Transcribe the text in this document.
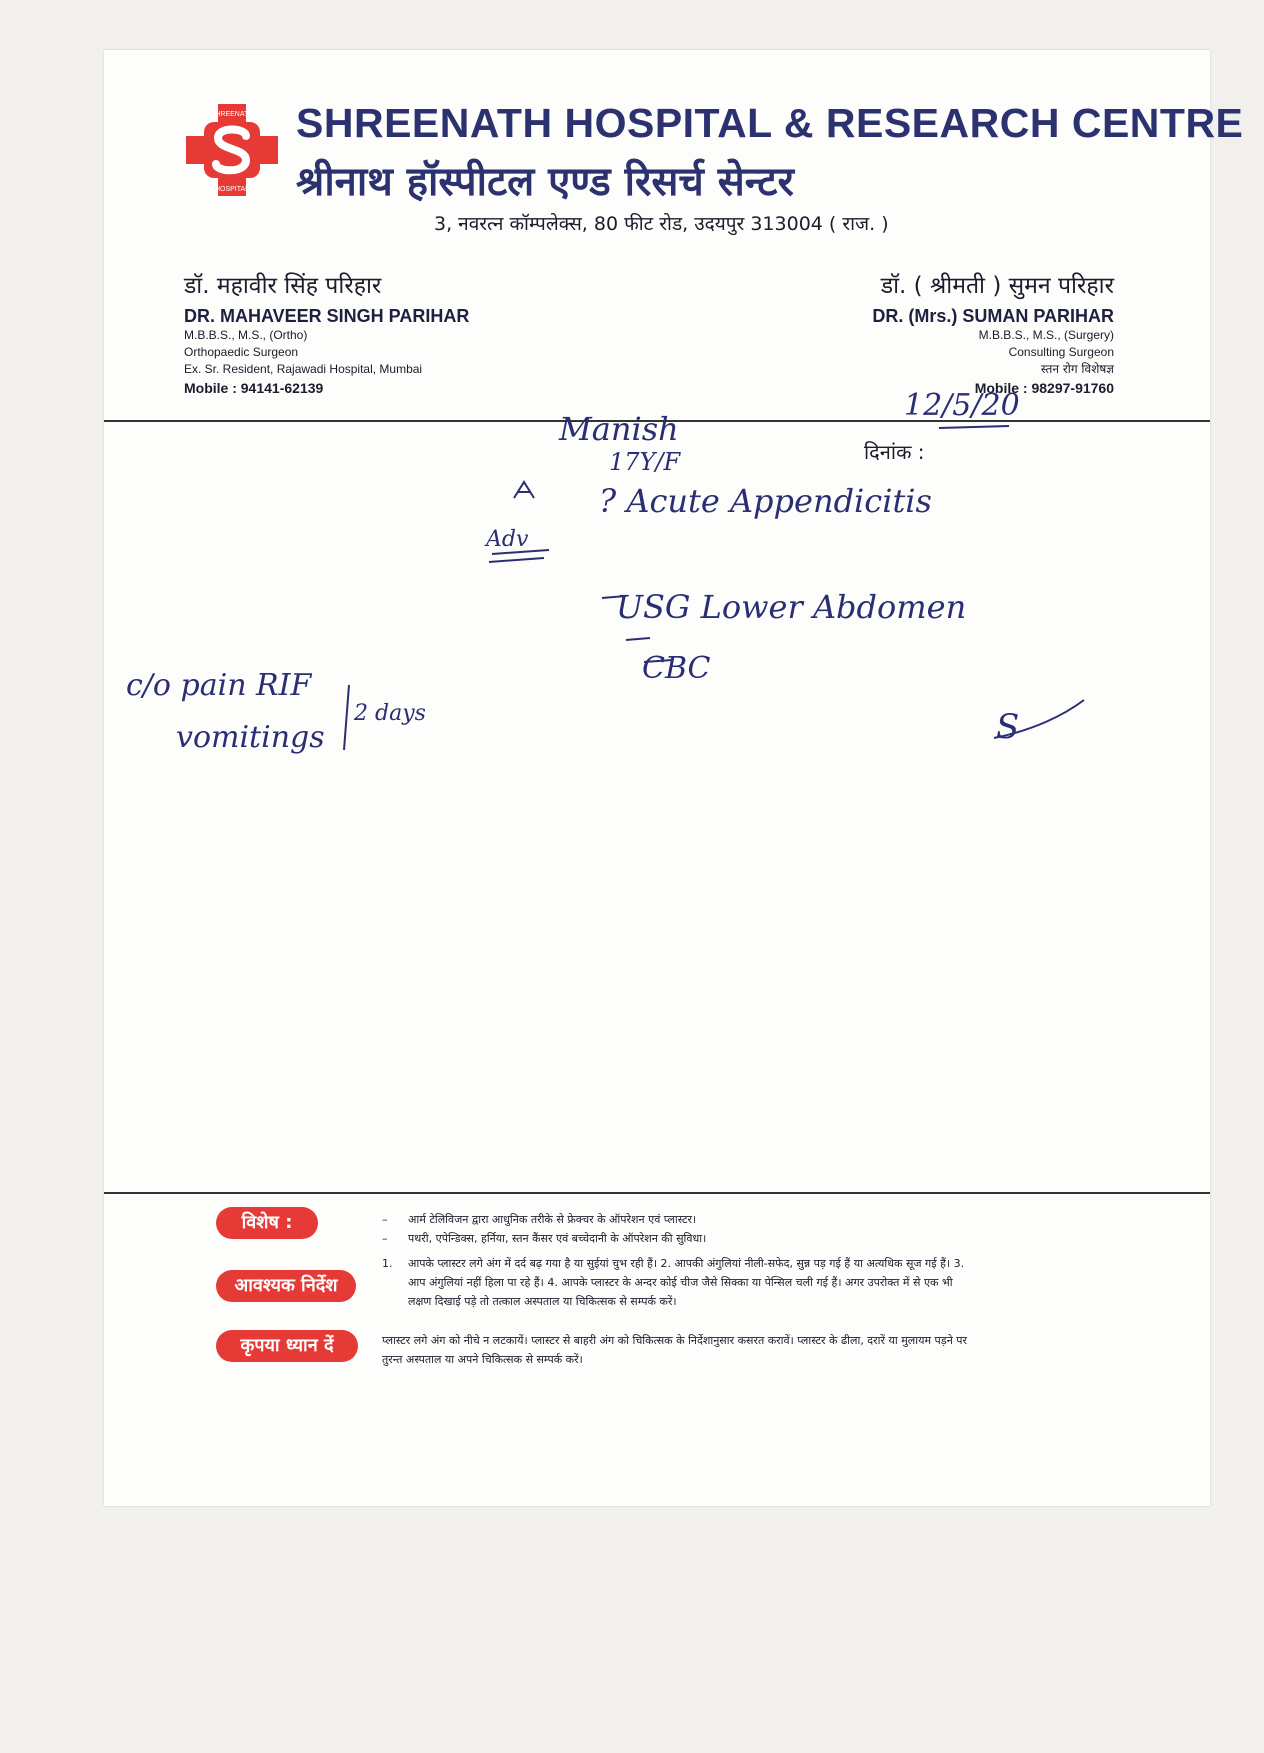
SHREENATH
HOSPITAL
SHREENATH HOSPITAL & RESEARCH CENTRE
श्रीनाथ हॉस्पीटल एण्ड रिसर्च सेन्टर
3, नवरत्न कॉम्पलेक्स, 80 फीट रोड, उदयपुर 313004 ( राज. )
डॉ. महावीर सिंह परिहार
DR. MAHAVEER SINGH PARIHAR
M.B.B.S., M.S., (Ortho)
Orthopaedic Surgeon
Ex. Sr. Resident, Rajawadi Hospital, Mumbai
Mobile : 94141-62139
डॉ. ( श्रीमती ) सुमन परिहार
DR. (Mrs.) SUMAN PARIHAR
M.B.B.S., M.S., (Surgery)
Consulting Surgeon
स्तन रोग विशेषज्ञ
Mobile : 98297-91760
दिनांक :
12/5/20
Manish
17Y/F
? Acute Appendicitis
Adv
USG Lower Abdomen
CBC
c/o pain RIF
vomitings
2 days	S
विशेष :
आवश्यक निर्देश
कृपया ध्यान दें
–	आर्म टेलिविजन द्वारा आधुनिक तरीके से फ्रेक्चर के ऑपरेशन एवं प्लास्टर।
–	पथरी, एपेन्डिक्स, हर्निया, स्तन कैंसर एवं बच्चेदानी के ऑपरेशन की सुविधा।
1.	आपके प्लास्टर लगे अंग में दर्द बढ़ गया है या सुईयां चुभ रही हैं। 2. आपकी अंगुलियां नीली-सफेद, सुन्न पड़ गई हैं या अत्यधिक सूज गई हैं। 3. आप अंगुलियां नहीं हिला पा रहे हैं। 4. आपके प्लास्टर के अन्दर कोई चीज जैसे सिक्का या पेन्सिल चली गई हैं। अगर उपरोक्त में से एक भी लक्षण दिखाई पड़े तो तत्काल अस्पताल या चिकित्सक से सम्पर्क करें।
प्लास्टर लगे अंग को नीचे न लटकायें। प्लास्टर से बाहरी अंग को चिकित्सक के निर्देशानुसार कसरत करावें। प्लास्टर के ढीला, दरारें या मुलायम पड़ने पर तुरन्त अस्पताल या अपने चिकित्सक से सम्पर्क करें।
